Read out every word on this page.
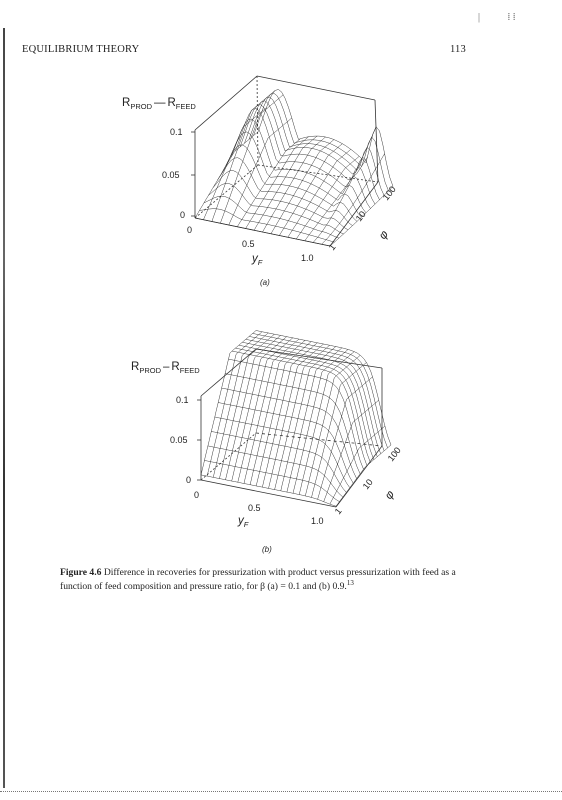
|           ⁞ ⁞
EQUILIBRIUM THEORY	113
$R_{PROD}$ — $R_{FEED}$
0.1
0.05
0
0
0.5
1.0
$y_F$
1
10
100
φ
(a)
$R_{PROD} - R_{FEED}$
0.1
0.05
0
0
0.5
1.0
$y_F$
1
10
100
φ
(b)
Figure 4.6 Difference in recoveries for pressurization with product versus pressurization with feed as a function of feed composition and pressure ratio, for β (a) = 0.1 and (b) 0.9.13
